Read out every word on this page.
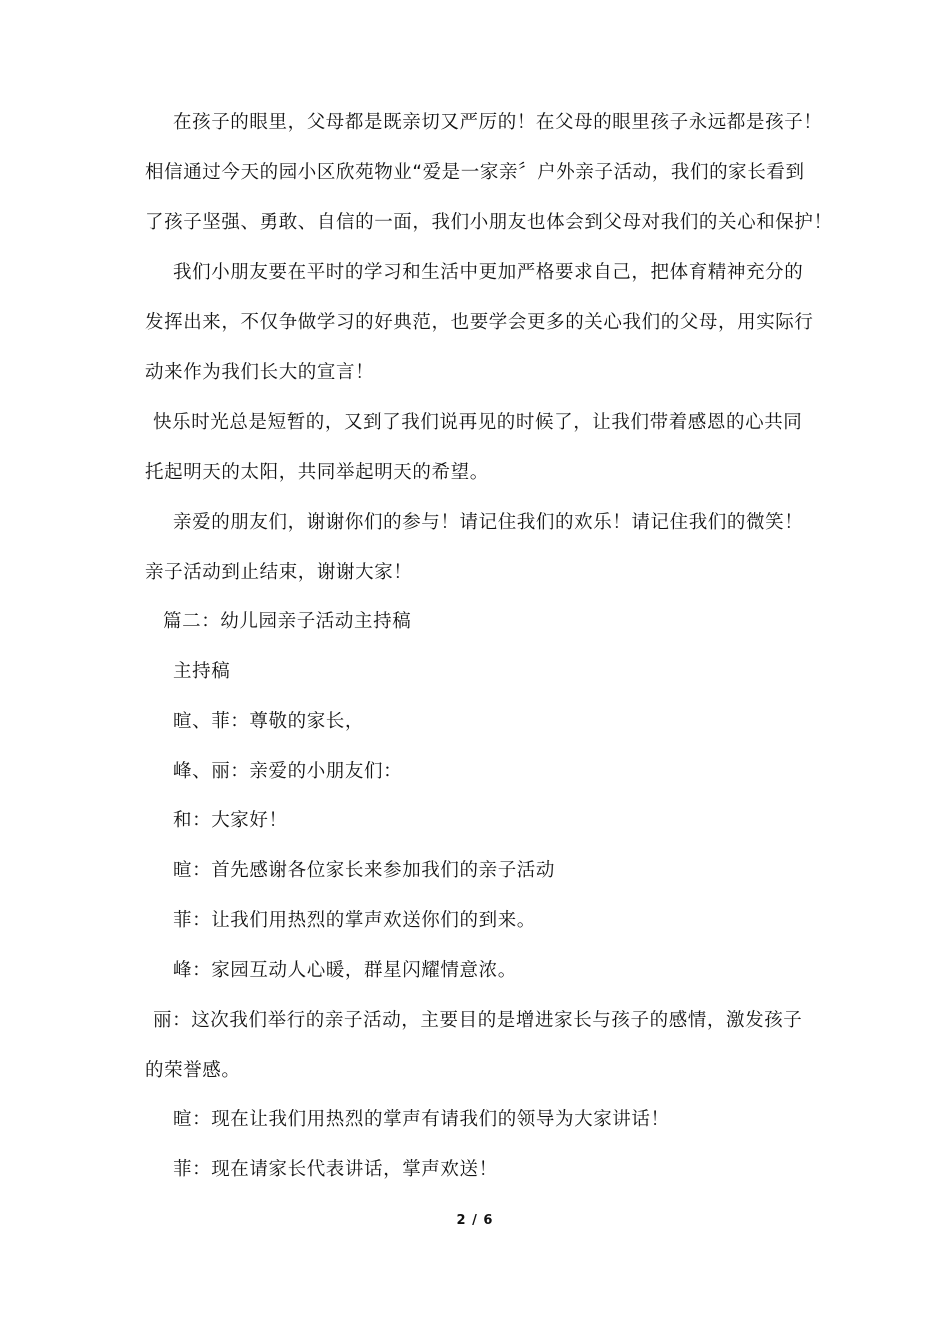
在孩子的眼里，父母都是既亲切又严厉的！在父母的眼里孩子永远都是孩子！
相信通过今天的园小区欣苑物业“爱是一家亲〞户外亲子活动，我们的家长看到
了孩子坚强、勇敢、自信的一面，我们小朋友也体会到父母对我们的关心和保护！
我们小朋友要在平时的学习和生活中更加严格要求自己，把体育精神充分的
发挥出来，不仅争做学习的好典范，也要学会更多的关心我们的父母，用实际行
动来作为我们长大的宣言！
快乐时光总是短暂的，又到了我们说再见的时候了，让我们带着感恩的心共同
托起明天的太阳，共同举起明天的希望。
亲爱的朋友们，谢谢你们的参与！请记住我们的欢乐！请记住我们的微笑！
亲子活动到止结束，谢谢大家！
篇二：幼儿园亲子活动主持稿
主持稿
暄、菲：尊敬的家长，
峰、丽：亲爱的小朋友们：
和：大家好！
暄：首先感谢各位家长来参加我们的亲子活动
菲：让我们用热烈的掌声欢送你们的到来。
峰：家园互动人心暖，群星闪耀情意浓。
丽：这次我们举行的亲子活动，主要目的是增进家长与孩子的感情，激发孩子
的荣誉感。
暄：现在让我们用热烈的掌声有请我们的领导为大家讲话！
菲：现在请家长代表讲话，掌声欢送！
2 / 6
